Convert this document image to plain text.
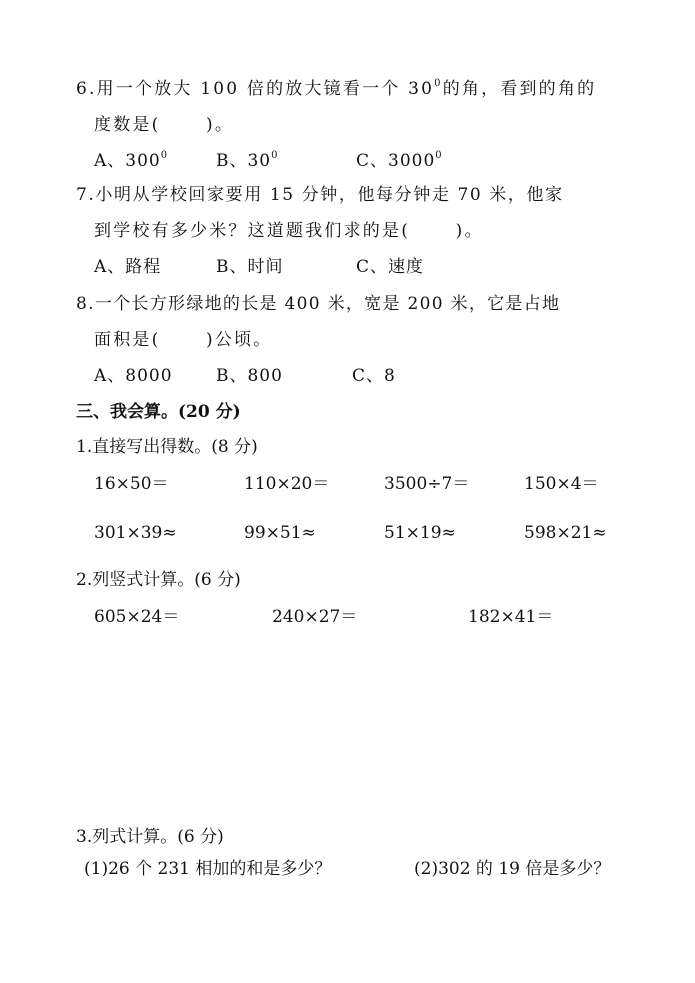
6.用一个放大 100 倍的放大镜看一个 $30^0$的角，看到的角的
度数是(      )。
A、$300^0$	B、$30^0$	C、3000$^0$
7.小明从学校回家要用 15 分钟，他每分钟走 70 米，他家
到学校有多少米？这道题我们求的是(      )。
A、路程	B、时间	C、速度
8.一个长方形绿地的长是 400 米，宽是 200 米，它是占地
面积是(      )公顷。
A、8000	B、800	C、8
三、我会算。(20 分)
1.直接写出得数。(8 分)
16×50＝	110×20＝	3500÷7＝	150×4＝
301×39≈	99×51≈	51×19≈	598×21≈
2.列竖式计算。(6 分)
605×24＝	240×27＝	182×41＝
3.列式计算。(6 分)
(1)26 个 231 相加的和是多少？	(2)302 的 19 倍是多少？
